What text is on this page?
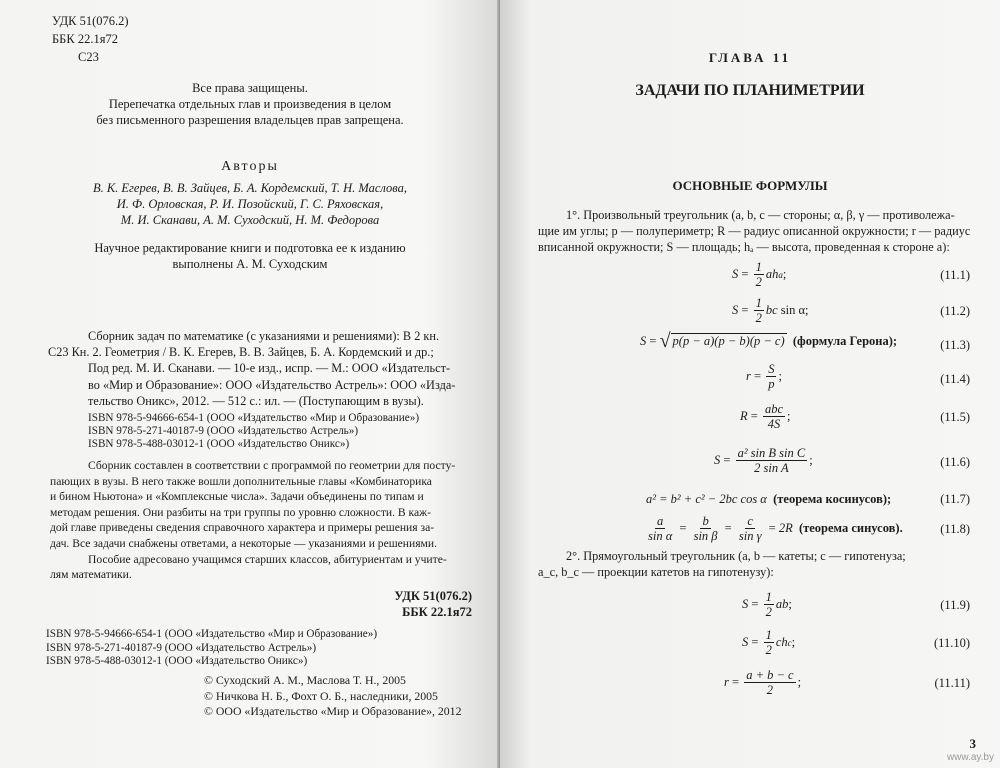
УДК 51(076.2)
ББК 22.1я72
С23
Все права защищены.
Перепечатка отдельных глав и произведения в целом
без письменного разрешения владельцев прав запрещена.
Авторы
В. К. Егерев, В. В. Зайцев, Б. А. Кордемский, Т. Н. Маслова,
И. Ф. Орловская, Р. И. Позойский, Г. С. Ряховская,
М. И. Сканави, А. М. Суходский, Н. М. Федорова
Научное редактирование книги и подготовка ее к изданию
выполнены А. М. Суходским
Сборник задач по математике (с указаниями и решениями): В 2 кн.
С23 Кн. 2. Геометрия / В. К. Егерев, В. В. Зайцев, Б. А. Кордемский и др.;
Под ред. М. И. Сканави. — 10-е изд., испр. — М.: ООО «Издательст-
во «Мир и Образование»: ООО «Издательство Астрель»: ООО «Изда-
тельство Оникс», 2012. — 512 с.: ил. — (Поступающим в вузы).
ISBN 978-5-94666-654-1 (ООО «Издательство «Мир и Образование»)
ISBN 978-5-271-40187-9 (ООО «Издательство Астрель»)
ISBN 978-5-488-03012-1 (ООО «Издательство Оникс»)
Сборник составлен в соответствии с программой по геометрии для посту-
пающих в вузы. В него также вошли дополнительные главы «Комбинаторика
и бином Ньютона» и «Комплексные числа». Задачи объединены по типам и
методам решения. Они разбиты на три группы по уровню сложности. В каж-
дой главе приведены сведения справочного характера и примеры решения за-
дач. Все задачи снабжены ответами, а некоторые — указаниями и решениями.
Пособие адресовано учащимся старших классов, абитуриентам и учите-
лям математики.
УДК 51(076.2)
ББК 22.1я72
ISBN 978-5-94666-654-1 (ООО «Издательство «Мир и Образование»)
ISBN 978-5-271-40187-9 (ООО «Издательство Астрель»)
ISBN 978-5-488-03012-1 (ООО «Издательство Оникс»)
© Суходский А. М., Маслова Т. Н., 2005
© Ничкова Н. Б., Фохт О. Б., наследники, 2005
© ООО «Издательство «Мир и Образование», 2012
ГЛАВА 11
ЗАДАЧИ ПО ПЛАНИМЕТРИИ
ОСНОВНЫЕ ФОРМУЛЫ
1°. Произвольный треугольник (a, b, c — стороны; α, β, γ — противолежа-
щие им углы; p — полупериметр; R — радиус описанной окружности; r — радиус
вписанной окружности; S — площадь; hₐ — высота, проведенная к стороне a):
$S = \frac{1}{2}$ ah a ;	(11.1)
$S = \frac{1}{2}$ bc sin α;	(11.2)
S = √ p(p − a)(p − b)(p − c)
(формула Герона);	(11.3)
$r = \frac{S}{p}$ ;	(11.4)
$R = \frac{\text{abc}}{4S}$ ;	(11.5)
$S = \frac{\text{a² sin B sin C}}{\text{2 sin A}}$ ;	(11.6)
a² = b² + c² − 2bc cos α
(теорема косинусов);	(11.7)
$\frac{a}{\text{sin α}} = \frac{b}{\text{sin β}} = \frac{c}{\text{sin γ}} = 2R$
(теорема синусов).	(11.8)
2°. Прямоугольный треугольник (a, b — катеты; c — гипотенуза;
a_c, b_c — проекции катетов на гипотенузу):
$S = \frac{1}{2}$ ab ;	(11.9)
$S = \frac{1}{2}$ ch c ;	(11.10)
$r = \frac{a + b - c}{2}$ ;	(11.11)
3
www.ay.by
